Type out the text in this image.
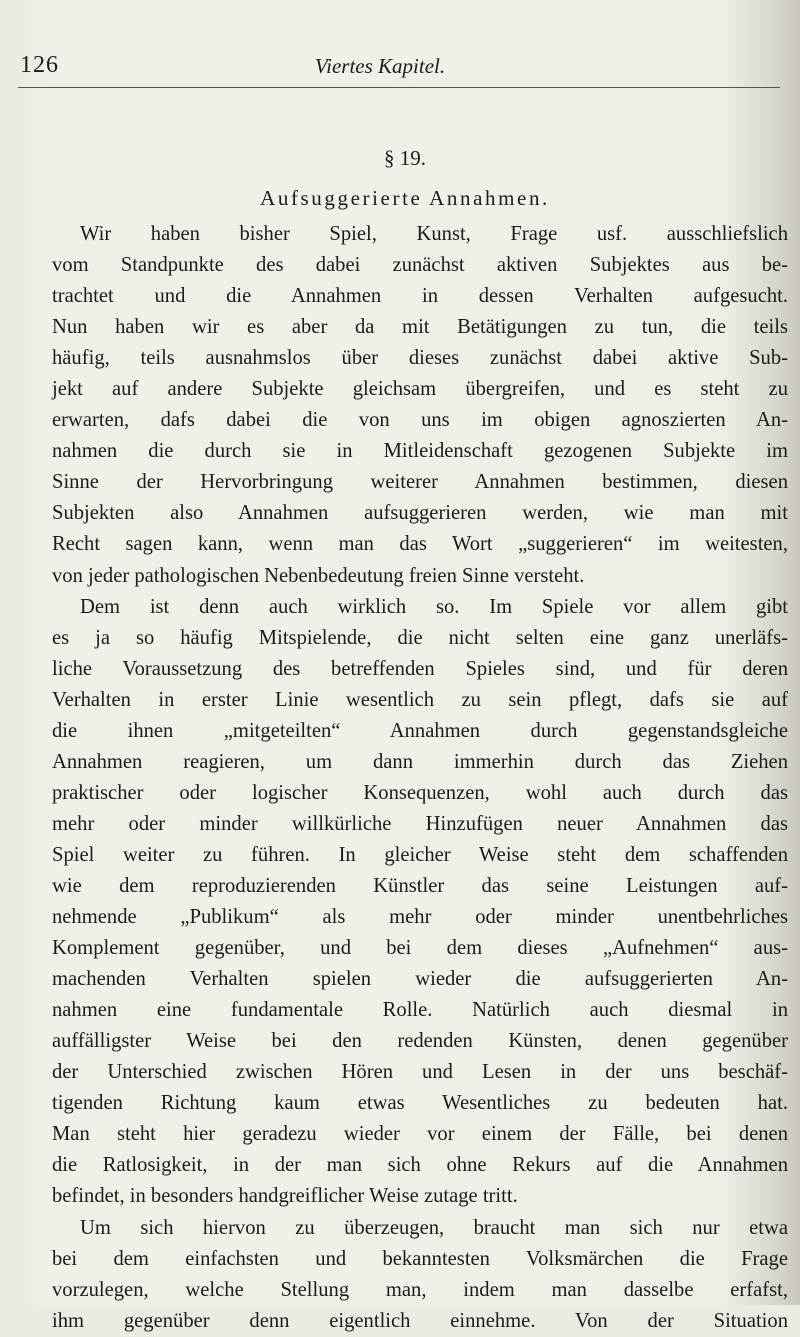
126	Viertes Kapitel.
§ 19.
Aufsuggerierte Annahmen.
Wir haben bisher Spiel, Kunst, Frage usf. ausschliefslich
vom Standpunkte des dabei zunächst aktiven Subjektes aus be-
trachtet und die Annahmen in dessen Verhalten aufgesucht.
Nun haben wir es aber da mit Betätigungen zu tun, die teils
häufig, teils ausnahmslos über dieses zunächst dabei aktive Sub-
jekt auf andere Subjekte gleichsam übergreifen, und es steht zu
erwarten, dafs dabei die von uns im obigen agnoszierten An-
nahmen die durch sie in Mitleidenschaft gezogenen Subjekte im
Sinne der Hervorbringung weiterer Annahmen bestimmen, diesen
Subjekten also Annahmen aufsuggerieren werden, wie man mit
Recht sagen kann, wenn man das Wort „suggerieren“ im weitesten,
von jeder pathologischen Nebenbedeutung freien Sinne versteht.
Dem ist denn auch wirklich so. Im Spiele vor allem gibt
es ja so häufig Mitspielende, die nicht selten eine ganz unerläfs-
liche Voraussetzung des betreffenden Spieles sind, und für deren
Verhalten in erster Linie wesentlich zu sein pflegt, dafs sie auf
die ihnen „mitgeteilten“ Annahmen durch gegenstandsgleiche
Annahmen reagieren, um dann immerhin durch das Ziehen
praktischer oder logischer Konsequenzen, wohl auch durch das
mehr oder minder willkürliche Hinzufügen neuer Annahmen das
Spiel weiter zu führen. In gleicher Weise steht dem schaffenden
wie dem reproduzierenden Künstler das seine Leistungen auf-
nehmende „Publikum“ als mehr oder minder unentbehrliches
Komplement gegenüber, und bei dem dieses „Aufnehmen“ aus-
machenden Verhalten spielen wieder die aufsuggerierten An-
nahmen eine fundamentale Rolle. Natürlich auch diesmal in
auffälligster Weise bei den redenden Künsten, denen gegenüber
der Unterschied zwischen Hören und Lesen in der uns beschäf-
tigenden Richtung kaum etwas Wesentliches zu bedeuten hat.
Man steht hier geradezu wieder vor einem der Fälle, bei denen
die Ratlosigkeit, in der man sich ohne Rekurs auf die Annahmen
befindet, in besonders handgreiflicher Weise zutage tritt.
Um sich hiervon zu überzeugen, braucht man sich nur etwa
bei dem einfachsten und bekanntesten Volksmärchen die Frage
vorzulegen, welche Stellung man, indem man dasselbe erfafst,
ihm gegenüber denn eigentlich einnehme. Von der Situation
